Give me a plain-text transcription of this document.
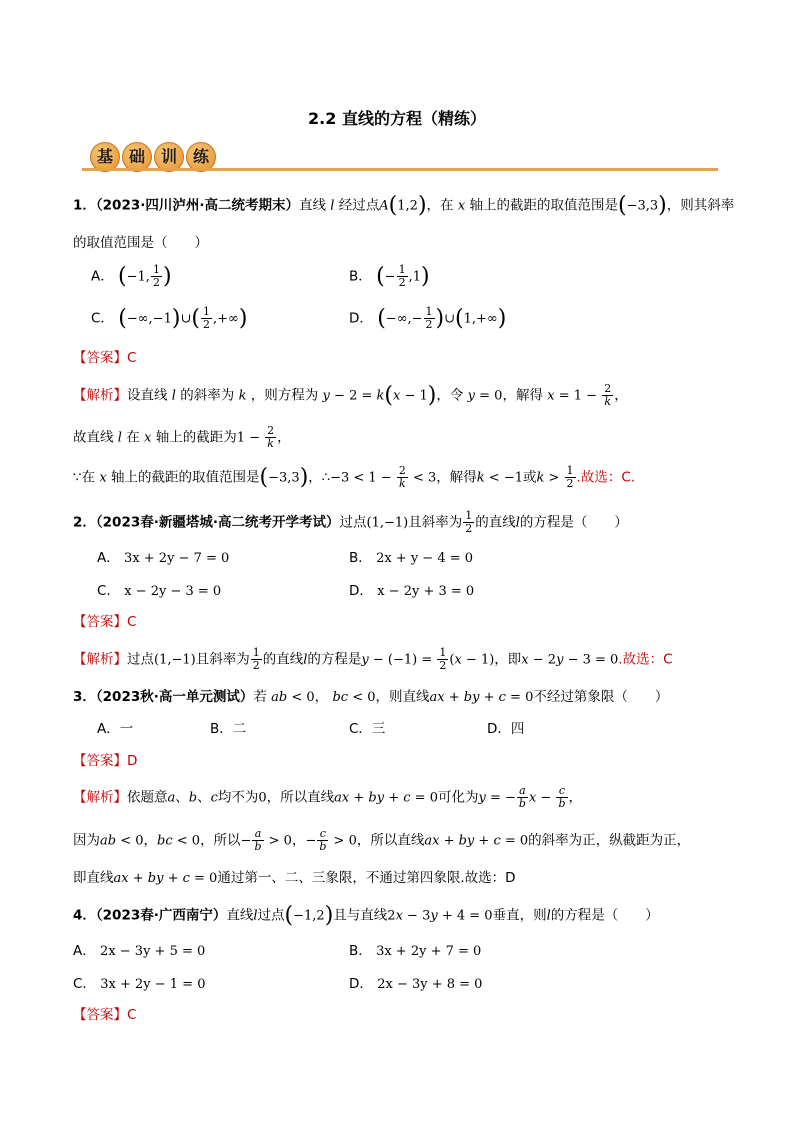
2.2 直线的方程（精练）
基 础 训 练
1．（2023·四川泸州·高二统考期末）直线 l 经过点A(1,2)，在 x 轴上的截距的取值范围是(−3,3)，则其斜率
的取值范围是（　　）
A． (−1, $\frac{1}{2}$ )	B． (− $\frac{1}{2} ,1$)
C． (−∞,−1)∪( $\frac{1}{2}$ ,+∞)	D． (−∞,− $\frac{1}{2}$ )∪(1,+∞)
【答案】C
【解析】设直线 l 的斜率为 k ，则方程为 y − 2 = k(x − 1)，令 y = 0，解得 $x = 1 - \frac{2}{k}$ ，
故直线 l 在 x 轴上的截距为$1 - \frac{2}{k}$ ，
∵在 x 轴上的截距的取值范围是(−3,3)，∴−3 < $1 - \frac{2}{k} < 3$，解得k < −1或$k > \frac{1}{2}$ .故选：C.
2．（2023春·新疆塔城·高二统考开学考试）过点(1,−1)且斜率为 $\frac{1}{2}$ 的直线l的方程是（　　）
A． 3x + 2y − 7 = 0	B． 2x + y − 4 = 0
C． x − 2y − 3 = 0	D． x − 2y + 3 = 0
【答案】C
【解析】过点(1,−1)且斜率为 $\frac{1}{2}$ 的直线l的方程是$y - (-1) = \frac{1}{2} (x - 1)$，即x − 2y − 3 = 0.故选：C
3．（2023秋·高一单元测试）若 ab < 0， bc < 0，则直线ax + by + c = 0不经过第象限（　　）
A．一	B．二	C．三	D．四
【答案】D
【解析】依题意a、b、c均不为0，所以直线ax + by + c = 0可化为y = − $\frac{a}{b}$ $x - \frac{c}{b}$ ，
因为ab < 0，bc < 0，所以− $\frac{a}{b} > 0$，− $\frac{c}{b} > 0$，所以直线ax + by + c = 0的斜率为正，纵截距为正，
即直线ax + by + c = 0通过第一、二、三象限，不通过第四象限.故选：D
4．（2023春·广西南宁）直线l过点(−1,2)且与直线2x − 3y + 4 = 0垂直，则l的方程是（　　）
A． 2x − 3y + 5 = 0	B． 3x + 2y + 7 = 0
C． 3x + 2y − 1 = 0	D． 2x − 3y + 8 = 0
【答案】C
